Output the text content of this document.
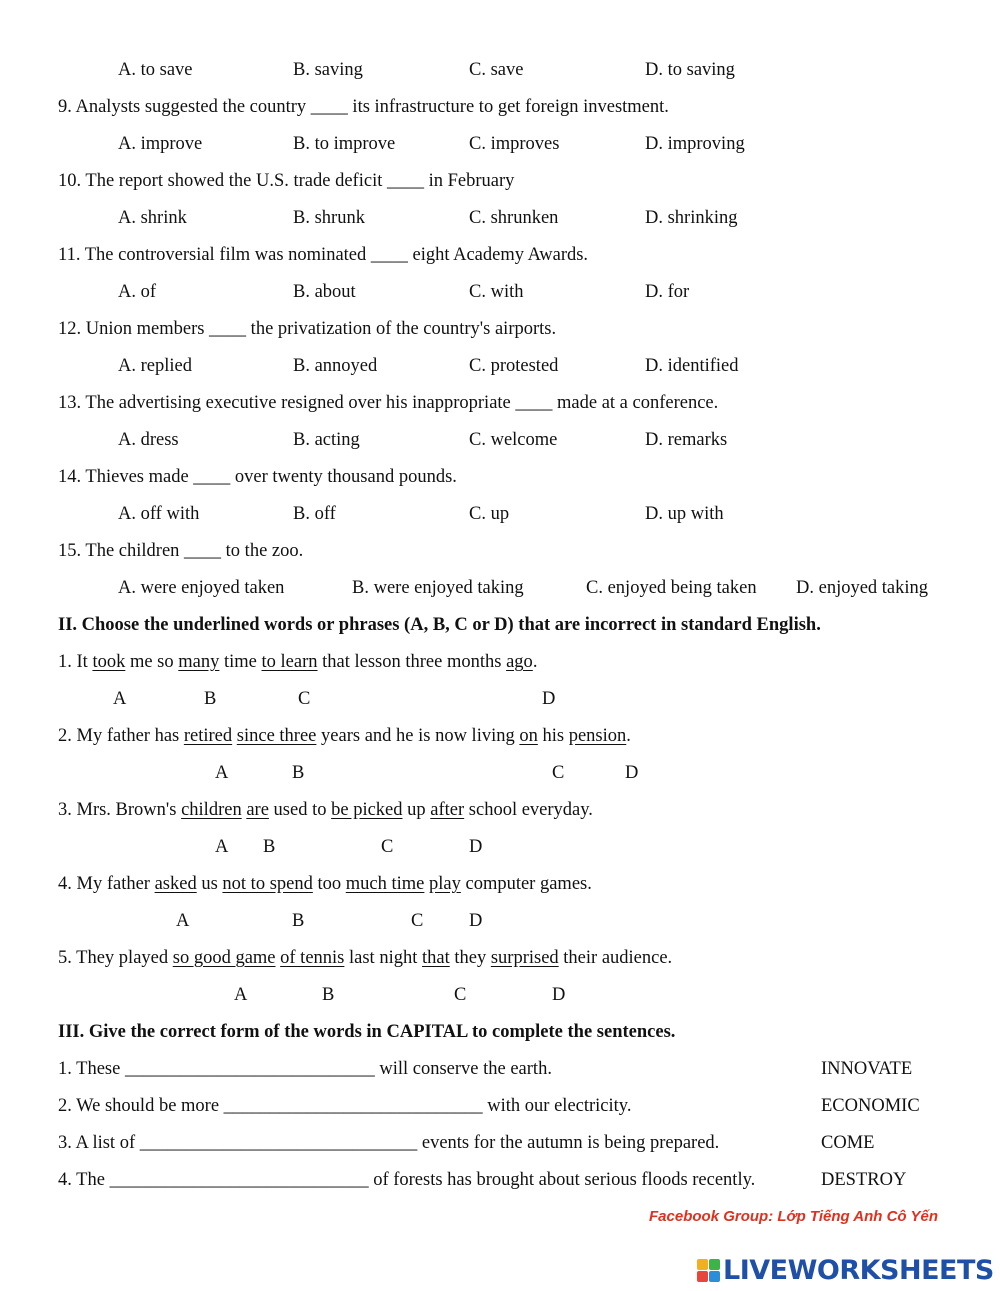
A. to save	B. saving	C. save	D. to saving
9. Analysts suggested the country ____ its infrastructure to get foreign investment.
A. improve	B. to improve	C. improves	D. improving
10. The report showed the U.S. trade deficit ____ in February
A. shrink	B. shrunk	C. shrunken	D. shrinking
11. The controversial film was nominated ____ eight Academy Awards.
A. of	B. about	C. with	D. for
12. Union members ____ the privatization of the country's airports.
A. replied	B. annoyed	C. protested	D. identified
13. The advertising executive resigned over his inappropriate ____ made at a conference.
A. dress	B. acting	C. welcome	D. remarks
14. Thieves made ____ over twenty thousand pounds.
A. off with	B. off	C. up	D. up with
15. The children ____ to the zoo.
A. were enjoyed taken	B. were enjoyed taking	C. enjoyed being taken D. enjoyed taking
II. Choose the underlined words or phrases (A, B, C or D) that are incorrect in standard English.
1. It took me so many time to learn that lesson three months ago.
A	B	C	D
2. My father has retired since three years and he is now living on his pension.
A	B	C	D
3. Mrs. Brown's children are used to be picked up after school everyday.
A B	C	D
4. My father asked us not to spend too much time play computer games.
A	B	C D
5. They played so good game of tennis last night that they surprised their audience.
A	B	C	D
III. Give the correct form of the words in CAPITAL to complete the sentences.
1. These ___________________________ will conserve the earth.	INNOVATE
2. We should be more ____________________________ with our electricity.	ECONOMIC
3. A list of ______________________________ events for the autumn is being prepared.	COME
4. The ____________________________ of forests has brought about serious floods recently.	DESTROY
Facebook Group: Lớp Tiếng Anh Cô Yến
LIVEWORKSHEETS
